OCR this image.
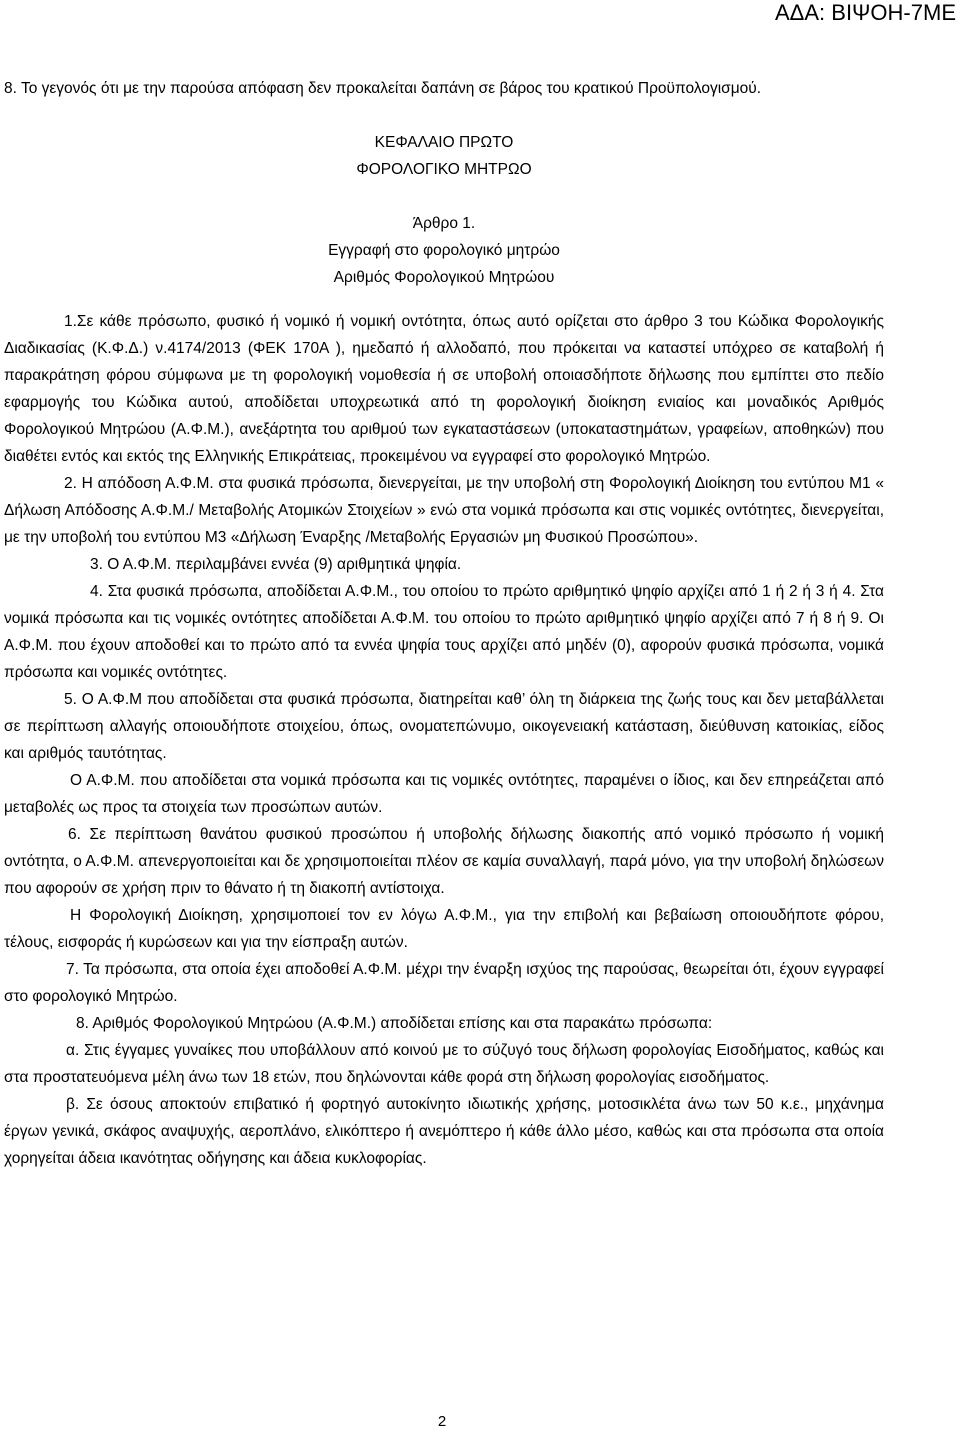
ΑΔΑ: ΒΙΨΟΗ-7ΜΕ

8. Το γεγονός ότι με την παρούσα απόφαση δεν προκαλείται δαπάνη σε βάρος του κρατικού Προϋπολογισμού.

ΚΕΦΑΛΑΙΟ ΠΡΩΤΟ

ΦΟΡΟΛΟΓΙΚΟ ΜΗΤΡΩΟ

Άρθρο 1.

Εγγραφή στο φορολογικό μητρώο

Αριθμός Φορολογικού Μητρώου

1.Σε κάθε πρόσωπο, φυσικό ή νομικό ή νομική οντότητα, όπως αυτό ορίζεται στο άρθρο 3 του Κώδικα Φορολογικής Διαδικασίας (Κ.Φ.Δ.) ν.4174/2013 (ΦΕΚ 170Α ), ημεδαπό ή αλλοδαπό, που πρόκειται να καταστεί υπόχρεο σε καταβολή ή παρακράτηση φόρου σύμφωνα με τη φορολογική νομοθεσία ή σε υποβολή οποιασδήποτε δήλωσης που εμπίπτει στο πεδίο εφαρμογής του Κώδικα αυτού, αποδίδεται υποχρεωτικά από τη φορολογική διοίκηση ενιαίος και μοναδικός Αριθμός Φορολογικού Μητρώου (Α.Φ.Μ.), ανεξάρτητα του αριθμού των εγκαταστάσεων (υποκαταστημάτων, γραφείων, αποθηκών) που διαθέτει εντός και εκτός της Ελληνικής Επικράτειας, προκειμένου να εγγραφεί στο φορολογικό Μητρώο.

2. Η απόδοση Α.Φ.Μ. στα φυσικά πρόσωπα, διενεργείται, με την υποβολή στη Φορολογική Διοίκηση του εντύπου Μ1 « Δήλωση Απόδοσης Α.Φ.Μ./ Μεταβολής Ατομικών Στοιχείων » ενώ στα νομικά πρόσωπα και στις νομικές οντότητες, διενεργείται, με την υποβολή του εντύπου Μ3 «Δήλωση Έναρξης /Μεταβολής Εργασιών μη Φυσικού Προσώπου».

3. Ο Α.Φ.Μ. περιλαμβάνει εννέα (9) αριθμητικά ψηφία.

4. Στα φυσικά πρόσωπα, αποδίδεται Α.Φ.Μ., του οποίου το πρώτο αριθμητικό ψηφίο αρχίζει από 1 ή 2 ή 3 ή 4. Στα νομικά πρόσωπα και τις νομικές οντότητες αποδίδεται Α.Φ.Μ. του οποίου το πρώτο αριθμητικό ψηφίο αρχίζει από 7 ή 8 ή 9. Οι Α.Φ.Μ. που έχουν αποδοθεί και το πρώτο από τα εννέα ψηφία τους αρχίζει από μηδέν (0), αφορούν φυσικά πρόσωπα, νομικά πρόσωπα και νομικές οντότητες.

5. Ο Α.Φ.Μ που αποδίδεται στα φυσικά πρόσωπα, διατηρείται καθ’ όλη τη διάρκεια της ζωής τους και δεν μεταβάλλεται σε περίπτωση αλλαγής οποιουδήποτε στοιχείου, όπως, ονοματεπώνυμο, οικογενειακή κατάσταση, διεύθυνση κατοικίας, είδος και αριθμός ταυτότητας.

Ο Α.Φ.Μ. που αποδίδεται στα νομικά πρόσωπα και τις νομικές οντότητες, παραμένει ο ίδιος, και δεν επηρεάζεται από μεταβολές ως προς τα στοιχεία των προσώπων αυτών.

6. Σε περίπτωση θανάτου φυσικού προσώπου ή υποβολής δήλωσης διακοπής από νομικό πρόσωπο ή νομική οντότητα, ο Α.Φ.Μ. απενεργοποιείται και δε χρησιμοποιείται πλέον σε καμία συναλλαγή, παρά μόνο, για την υποβολή δηλώσεων που αφορούν σε χρήση πριν το θάνατο ή τη διακοπή αντίστοιχα.

Η Φορολογική Διοίκηση, χρησιμοποιεί τον εν λόγω Α.Φ.Μ., για την επιβολή και βεβαίωση οποιουδήποτε φόρου, τέλους, εισφοράς ή κυρώσεων και για την είσπραξη αυτών.

7. Τα πρόσωπα, στα οποία έχει αποδοθεί Α.Φ.Μ. μέχρι την έναρξη ισχύος της παρούσας, θεωρείται ότι, έχουν εγγραφεί στο φορολογικό Μητρώο.

8. Αριθμός Φορολογικού Μητρώου (Α.Φ.Μ.) αποδίδεται επίσης και στα παρακάτω πρόσωπα:

α. Στις έγγαμες γυναίκες που υποβάλλουν από κοινού με το σύζυγό τους δήλωση φορολογίας Εισοδήματος, καθώς και στα προστατευόμενα μέλη άνω των 18 ετών, που δηλώνονται κάθε φορά στη δήλωση φορολογίας εισοδήματος.

β. Σε όσους αποκτούν επιβατικό ή φορτηγό αυτοκίνητο ιδιωτικής χρήσης, μοτοσικλέτα άνω των 50 κ.ε., μηχάνημα έργων γενικά, σκάφος αναψυχής, αεροπλάνο, ελικόπτερο ή ανεμόπτερο ή κάθε άλλο μέσο, καθώς και στα πρόσωπα στα οποία χορηγείται άδεια ικανότητας οδήγησης και άδεια κυκλοφορίας.

2
